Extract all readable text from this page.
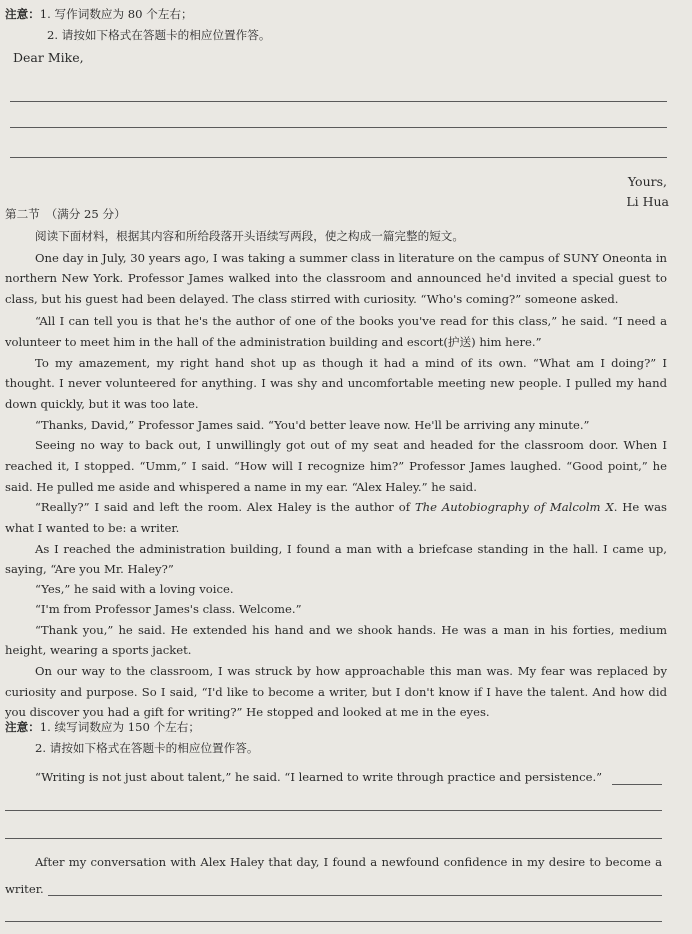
注意：1. 写作词数应为 80 个左右；
2. 请按如下格式在答题卡的相应位置作答。
Dear Mike,
Yours,
Li Hua
第二节　（满分 25 分）
阅读下面材料，根据其内容和所给段落开头语续写两段，使之构成一篇完整的短文。
One day in July, 30 years ago, I was taking a summer class in literature on the campus of SUNY Oneonta in
northern New York. Professor James walked into the classroom and announced he'd invited a special guest to
class, but his guest had been delayed. The class stirred with curiosity. “Who's coming?” someone asked.
“All I can tell you is that he's the author of one of the books you've read for this class,” he said. “I need a
volunteer to meet him in the hall of the administration building and escort(护送) him here.”
To my amazement, my right hand shot up as though it had a mind of its own. “What am I doing?” I
thought. I never volunteered for anything. I was shy and uncomfortable meeting new people. I pulled my hand
down quickly, but it was too late.
“Thanks, David,” Professor James said. “You'd better leave now. He'll be arriving any minute.”
Seeing no way to back out, I unwillingly got out of my seat and headed for the classroom door. When I
reached it, I stopped. “Umm,” I said. “How will I recognize him?” Professor James laughed. “Good point,” he
said. He pulled me aside and whispered a name in my ear. “Alex Haley.” he said.
“Really?” I said and left the room. Alex Haley is the author of The Autobiography of Malcolm X. He was
what I wanted to be: a writer.
As I reached the administration building, I found a man with a briefcase standing in the hall. I came up,
saying, “Are you Mr. Haley?”
“Yes,” he said with a loving voice.
“I'm from Professor James's class. Welcome.”
“Thank you,” he said. He extended his hand and we shook hands. He was a man in his forties, medium
height, wearing a sports jacket.
On our way to the classroom, I was struck by how approachable this man was. My fear was replaced by
curiosity and purpose. So I said, “I'd like to become a writer, but I don't know if I have the talent. And how did
you discover you had a gift for writing?” He stopped and looked at me in the eyes.
注意：1. 续写词数应为 150 个左右；
2. 请按如下格式在答题卡的相应位置作答。
“Writing is not just about talent,” he said. “I learned to write through practice and persistence.”
After my conversation with Alex Haley that day, I found a newfound confidence in my desire to become a
writer.
